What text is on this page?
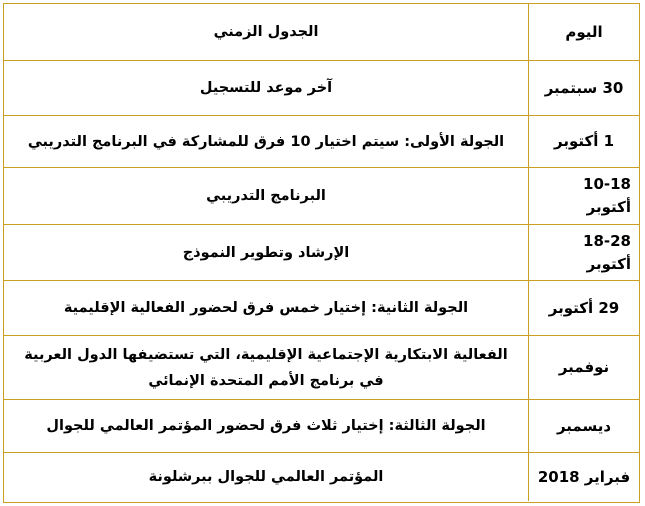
اليوم
الجدول الزمني
30 سبتمبر
آخر موعد للتسجيل
1 أكتوبر
الجولة الأولى: سيتم اختيار 10 فرق للمشاركة في البرنامج التدريبي
10-18
أكتوبر
البرنامج التدريبي
18-28
أكتوبر
الإرشاد وتطوير النموذج
29 أكتوبر
الجولة الثانية: إختيار خمس فرق لحضور الفعالية الإقليمية
نوفمبر
الفعالية الابتكارية الإجتماعية الإقليمية، التي تستضيفها الدول العربية في برنامج الأمم المتحدة الإنمائي
ديسمبر
الجولة الثالثة: إختيار ثلاث فرق لحضور المؤتمر العالمي للجوال
فبراير 2018
المؤتمر العالمي للجوال ببرشلونة
